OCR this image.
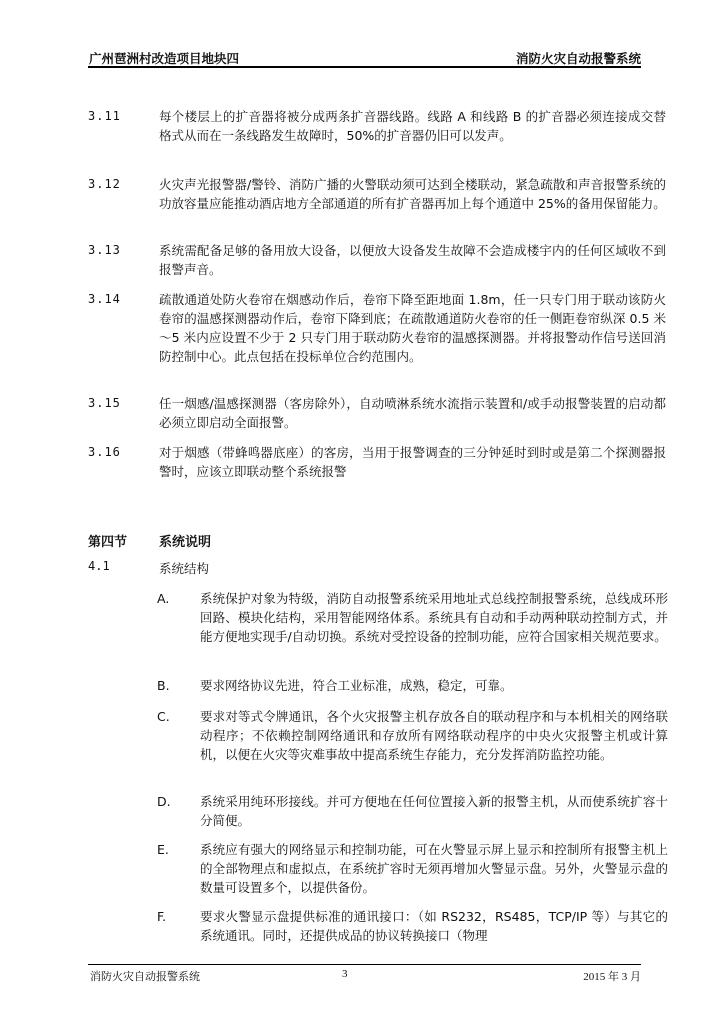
广州琶洲村改造项目地块四	消防火灾自动报警系统
3.11	每个楼层上的扩音器将被分成两条扩音器线路。线路 A 和线路 B 的扩音器必须连接成交替格式从而在一条线路发生故障时，50%的扩音器仍旧可以发声。
3.12	火灾声光报警器/警铃、消防广播的火警联动须可达到全楼联动，紧急疏散和声音报警系统的功放容量应能推动酒店地方全部通道的所有扩音器再加上每个通道中 25%的备用保留能力。
3.13	系统需配备足够的备用放大设备，以便放大设备发生故障不会造成楼宇内的任何区域收不到报警声音。
3.14	疏散通道处防火卷帘在烟感动作后，卷帘下降至距地面 1.8m，任一只专门用于联动该防火卷帘的温感探测器动作后，卷帘下降到底；在疏散通道防火卷帘的任一侧距卷帘纵深 0.5 米～5 米内应设置不少于 2 只专门用于联动防火卷帘的温感探测器。并将报警动作信号送回消防控制中心。此点包括在投标单位合约范围内。
3.15	任一烟感/温感探测器（客房除外），自动喷淋系统水流指示装置和/或手动报警装置的启动都必须立即启动全面报警。
3.16	对于烟感（带蜂鸣器底座）的客房，当用于报警调查的三分钟延时到时或是第二个探测器报警时，应该立即联动整个系统报警
第四节 系统说明
4.1	系统结构
A. 系统保护对象为特级，消防自动报警系统采用地址式总线控制报警系统，总线成环形回路、模块化结构，采用智能网络体系。系统具有自动和手动两种联动控制方式，并能方便地实现手/自动切换。系统对受控设备的控制功能，应符合国家相关规范要求。
B. 要求网络协议先进，符合工业标准，成熟，稳定，可靠。
C. 要求对等式令牌通讯，各个火灾报警主机存放各自的联动程序和与本机相关的网络联动程序；不依赖控制网络通讯和存放所有网络联动程序的中央火灾报警主机或计算机，以便在火灾等灾难事故中提高系统生存能力，充分发挥消防监控功能。
D. 系统采用纯环形接线。并可方便地在任何位置接入新的报警主机，从而使系统扩容十分简便。
E. 系统应有强大的网络显示和控制功能，可在火警显示屏上显示和控制所有报警主机上的全部物理点和虚拟点，在系统扩容时无须再增加火警显示盘。另外，火警显示盘的数量可设置多个，以提供备份。
F.	要求火警显示盘提供标准的通讯接口：（如 RS232，RS485，TCP/IP 等）与其它的系统通讯。同时，还提供成品的协议转换接口（物理
消防火灾自动报警系统	3	2015 年 3 月
